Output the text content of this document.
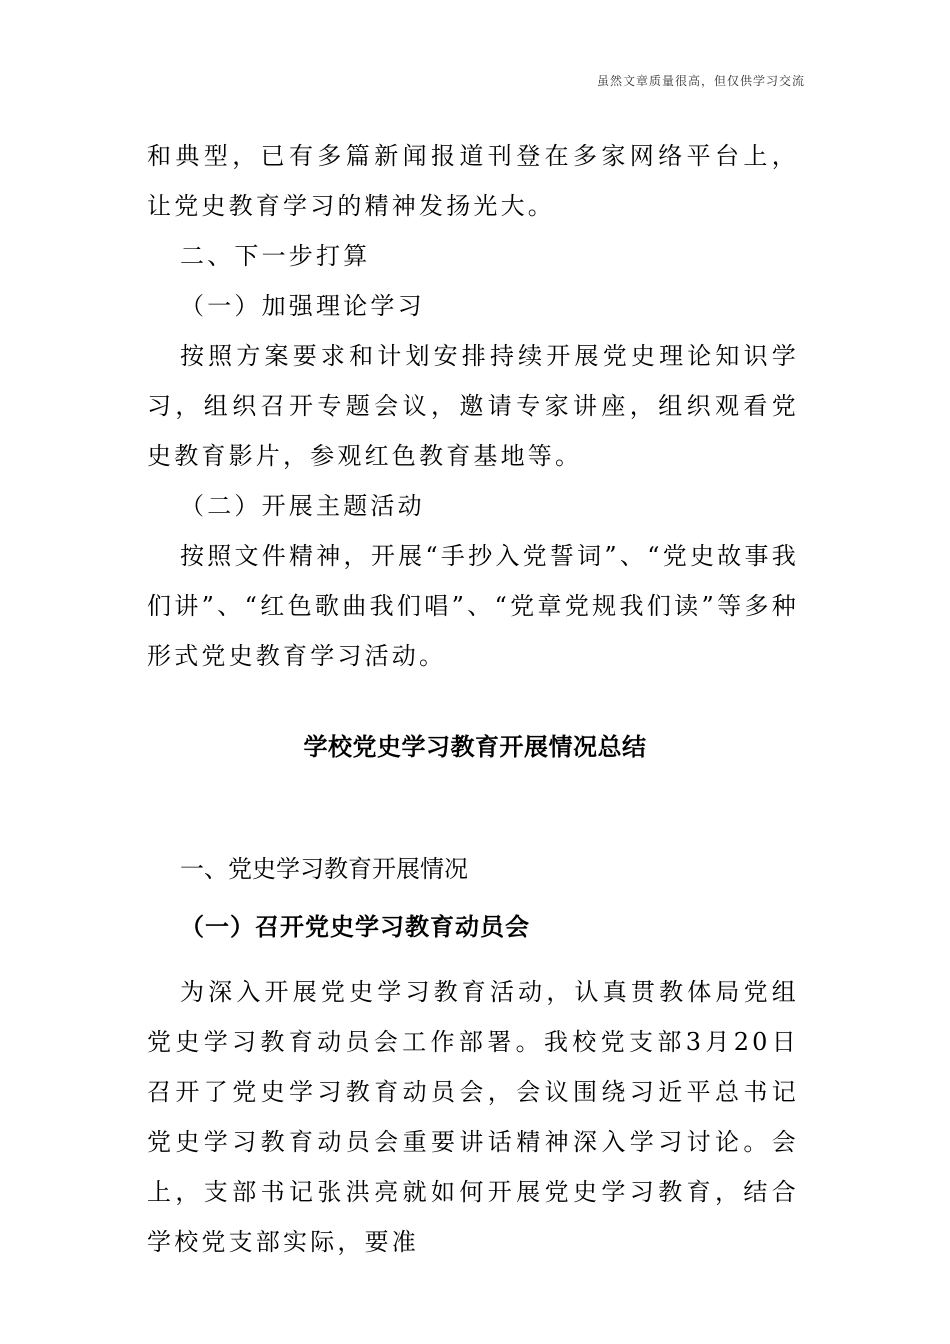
虽然文章质量很高，但仅供学习交流

和典型，已有多篇新闻报道刊登在多家网络平台上，让党史教育学习的精神发扬光大。

二、下一步打算

（一）加强理论学习

按照方案要求和计划安排持续开展党史理论知识学习，组织召开专题会议，邀请专家讲座，组织观看党史教育影片，参观红色教育基地等。

（二）开展主题活动

按照文件精神，开展“手抄入党誓词”、“党史故事我们讲”、“红色歌曲我们唱”、“党章党规我们读”等多种形式党史教育学习活动。

学校党史学习教育开展情况总结

一、党史学习教育开展情况

（一）召开党史学习教育动员会

为深入开展党史学习教育活动，认真贯教体局党组党史学习教育动员会工作部署。我校党支部3月20日召开了党史学习教育动员会，会议围绕习近平总书记党史学习教育动员会重要讲话精神深入学习讨论。会上，支部书记张洪亮就如何开展党史学习教育，结合学校党支部实际，要准
